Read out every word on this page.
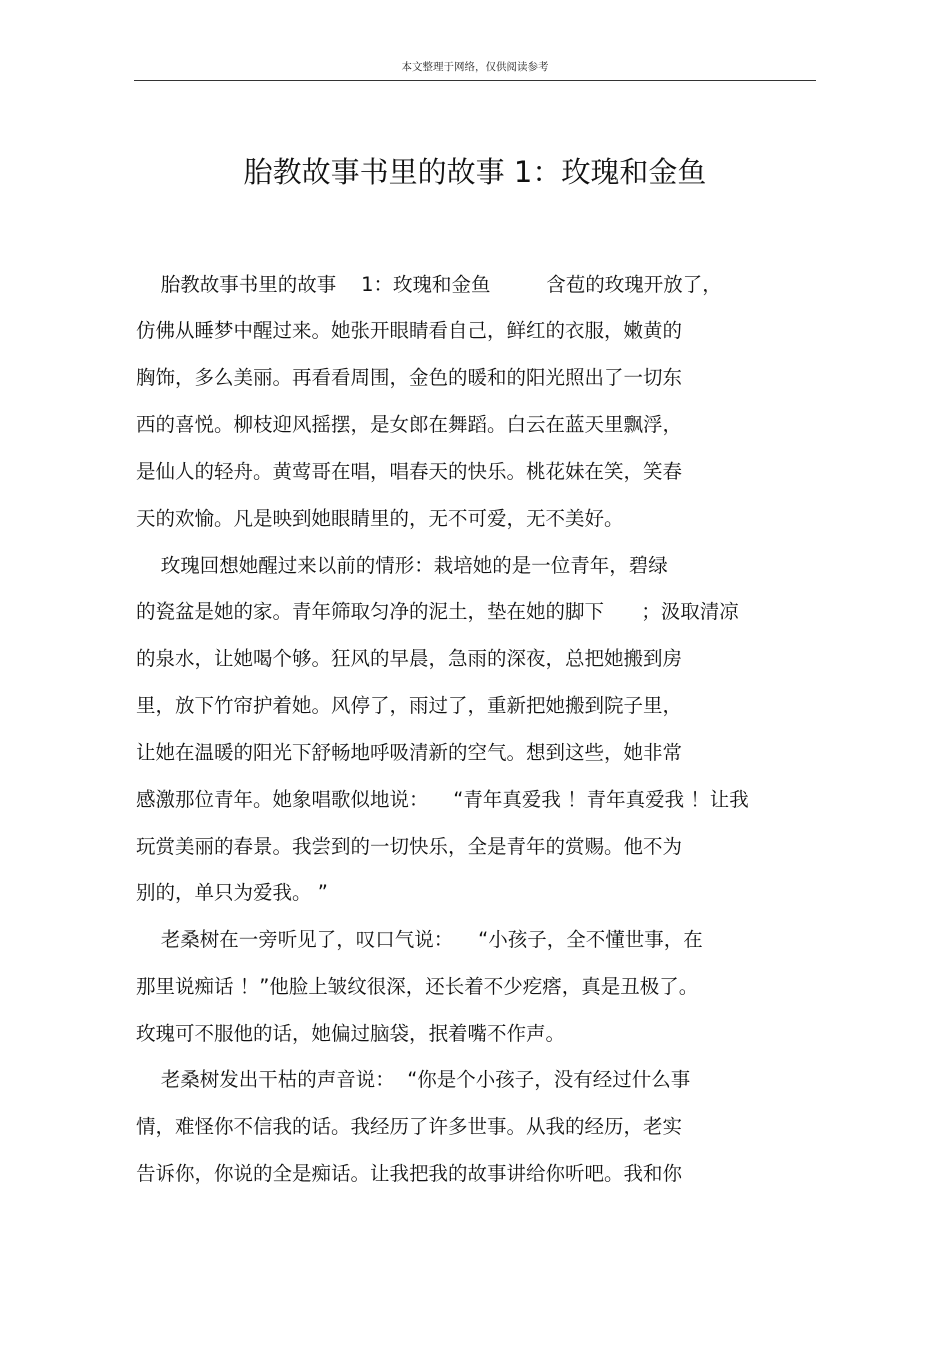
本文整理于网络，仅供阅读参考
胎教故事书里的故事 1：玫瑰和金鱼
胎教故事书里的故事    1：玫瑰和金鱼         含苞的玫瑰开放了，
仿佛从睡梦中醒过来。她张开眼睛看自己，鲜红的衣服，嫩黄的
胸饰，多么美丽。再看看周围，金色的暖和的阳光照出了一切东
西的喜悦。柳枝迎风摇摆，是女郎在舞蹈。白云在蓝天里飘浮，
是仙人的轻舟。黄莺哥在唱，唱春天的快乐。桃花妹在笑，笑春
天的欢愉。凡是映到她眼睛里的，无不可爱，无不美好。
玫瑰回想她醒过来以前的情形：栽培她的是一位青年，碧绿
的瓷盆是她的家。青年筛取匀净的泥土，垫在她的脚下      ；汲取清凉
的泉水，让她喝个够。狂风的早晨，急雨的深夜，总把她搬到房
里，放下竹帘护着她。风停了，雨过了，重新把她搬到院子里，
让她在温暖的阳光下舒畅地呼吸清新的空气。想到这些，她非常
感激那位青年。她象唱歌似地说：    “青年真爱我 ！青年真爱我 ！让我
玩赏美丽的春景。我尝到的一切快乐，全是青年的赏赐。他不为
别的，单只为爱我。 ”
老桑树在一旁听见了，叹口气说：    “小孩子，全不懂世事，在
那里说痴话 ！”他脸上皱纹很深，还长着不少疙瘩，真是丑极了。
玫瑰可不服他的话，她偏过脑袋，抿着嘴不作声。
老桑树发出干枯的声音说：  “你是个小孩子，没有经过什么事
情，难怪你不信我的话。我经历了许多世事。从我的经历，老实
告诉你，你说的全是痴话。让我把我的故事讲给你听吧。我和你
